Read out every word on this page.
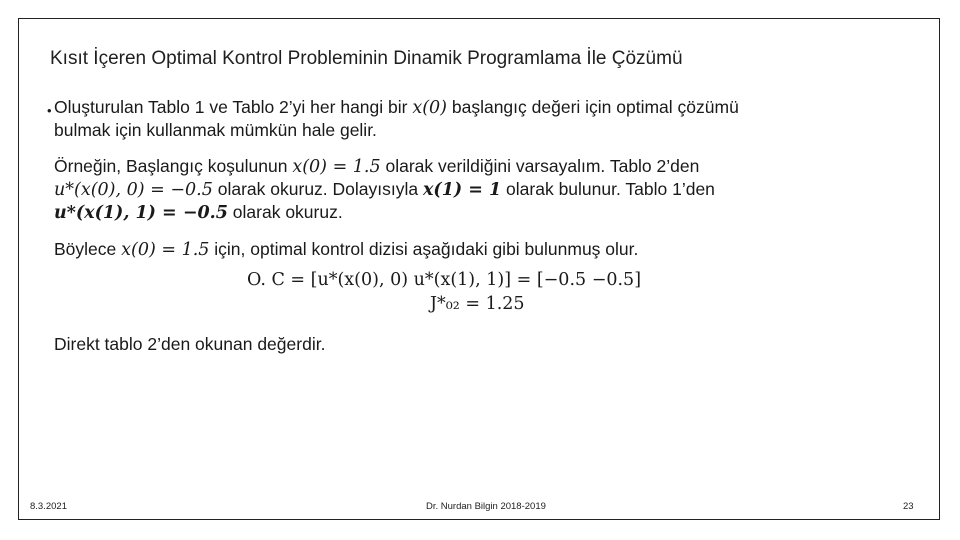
Kısıt İçeren Optimal Kontrol Probleminin Dinamik Programlama İle Çözümü
• Oluşturulan Tablo 1 ve Tablo 2’yi her hangi bir x(0) başlangıç değeri için optimal çözümü
bulmak için kullanmak mümkün hale gelir.

Örneğin, Başlangıç koşulunun x(0) = 1.5 olarak verildiğini varsayalım. Tablo 2’den
u*(x(0), 0) = −0.5 olarak okuruz. Dolayısıyla x(1) = 1 olarak bulunur. Tablo 1’den
u*(x(1), 1) = −0.5 olarak okuruz.

Böylece x(0) = 1.5 için, optimal kontrol dizisi aşağıdaki gibi bulunmuş olur.

O. C = [u*(x(0), 0) u*(x(1), 1)] = [−0.5 −0.5]
J*₀₂ = 1.25

Direkt tablo 2’den okunan değerdir.

8.3.2021	Dr. Nurdan Bilgin 2018-2019	23
